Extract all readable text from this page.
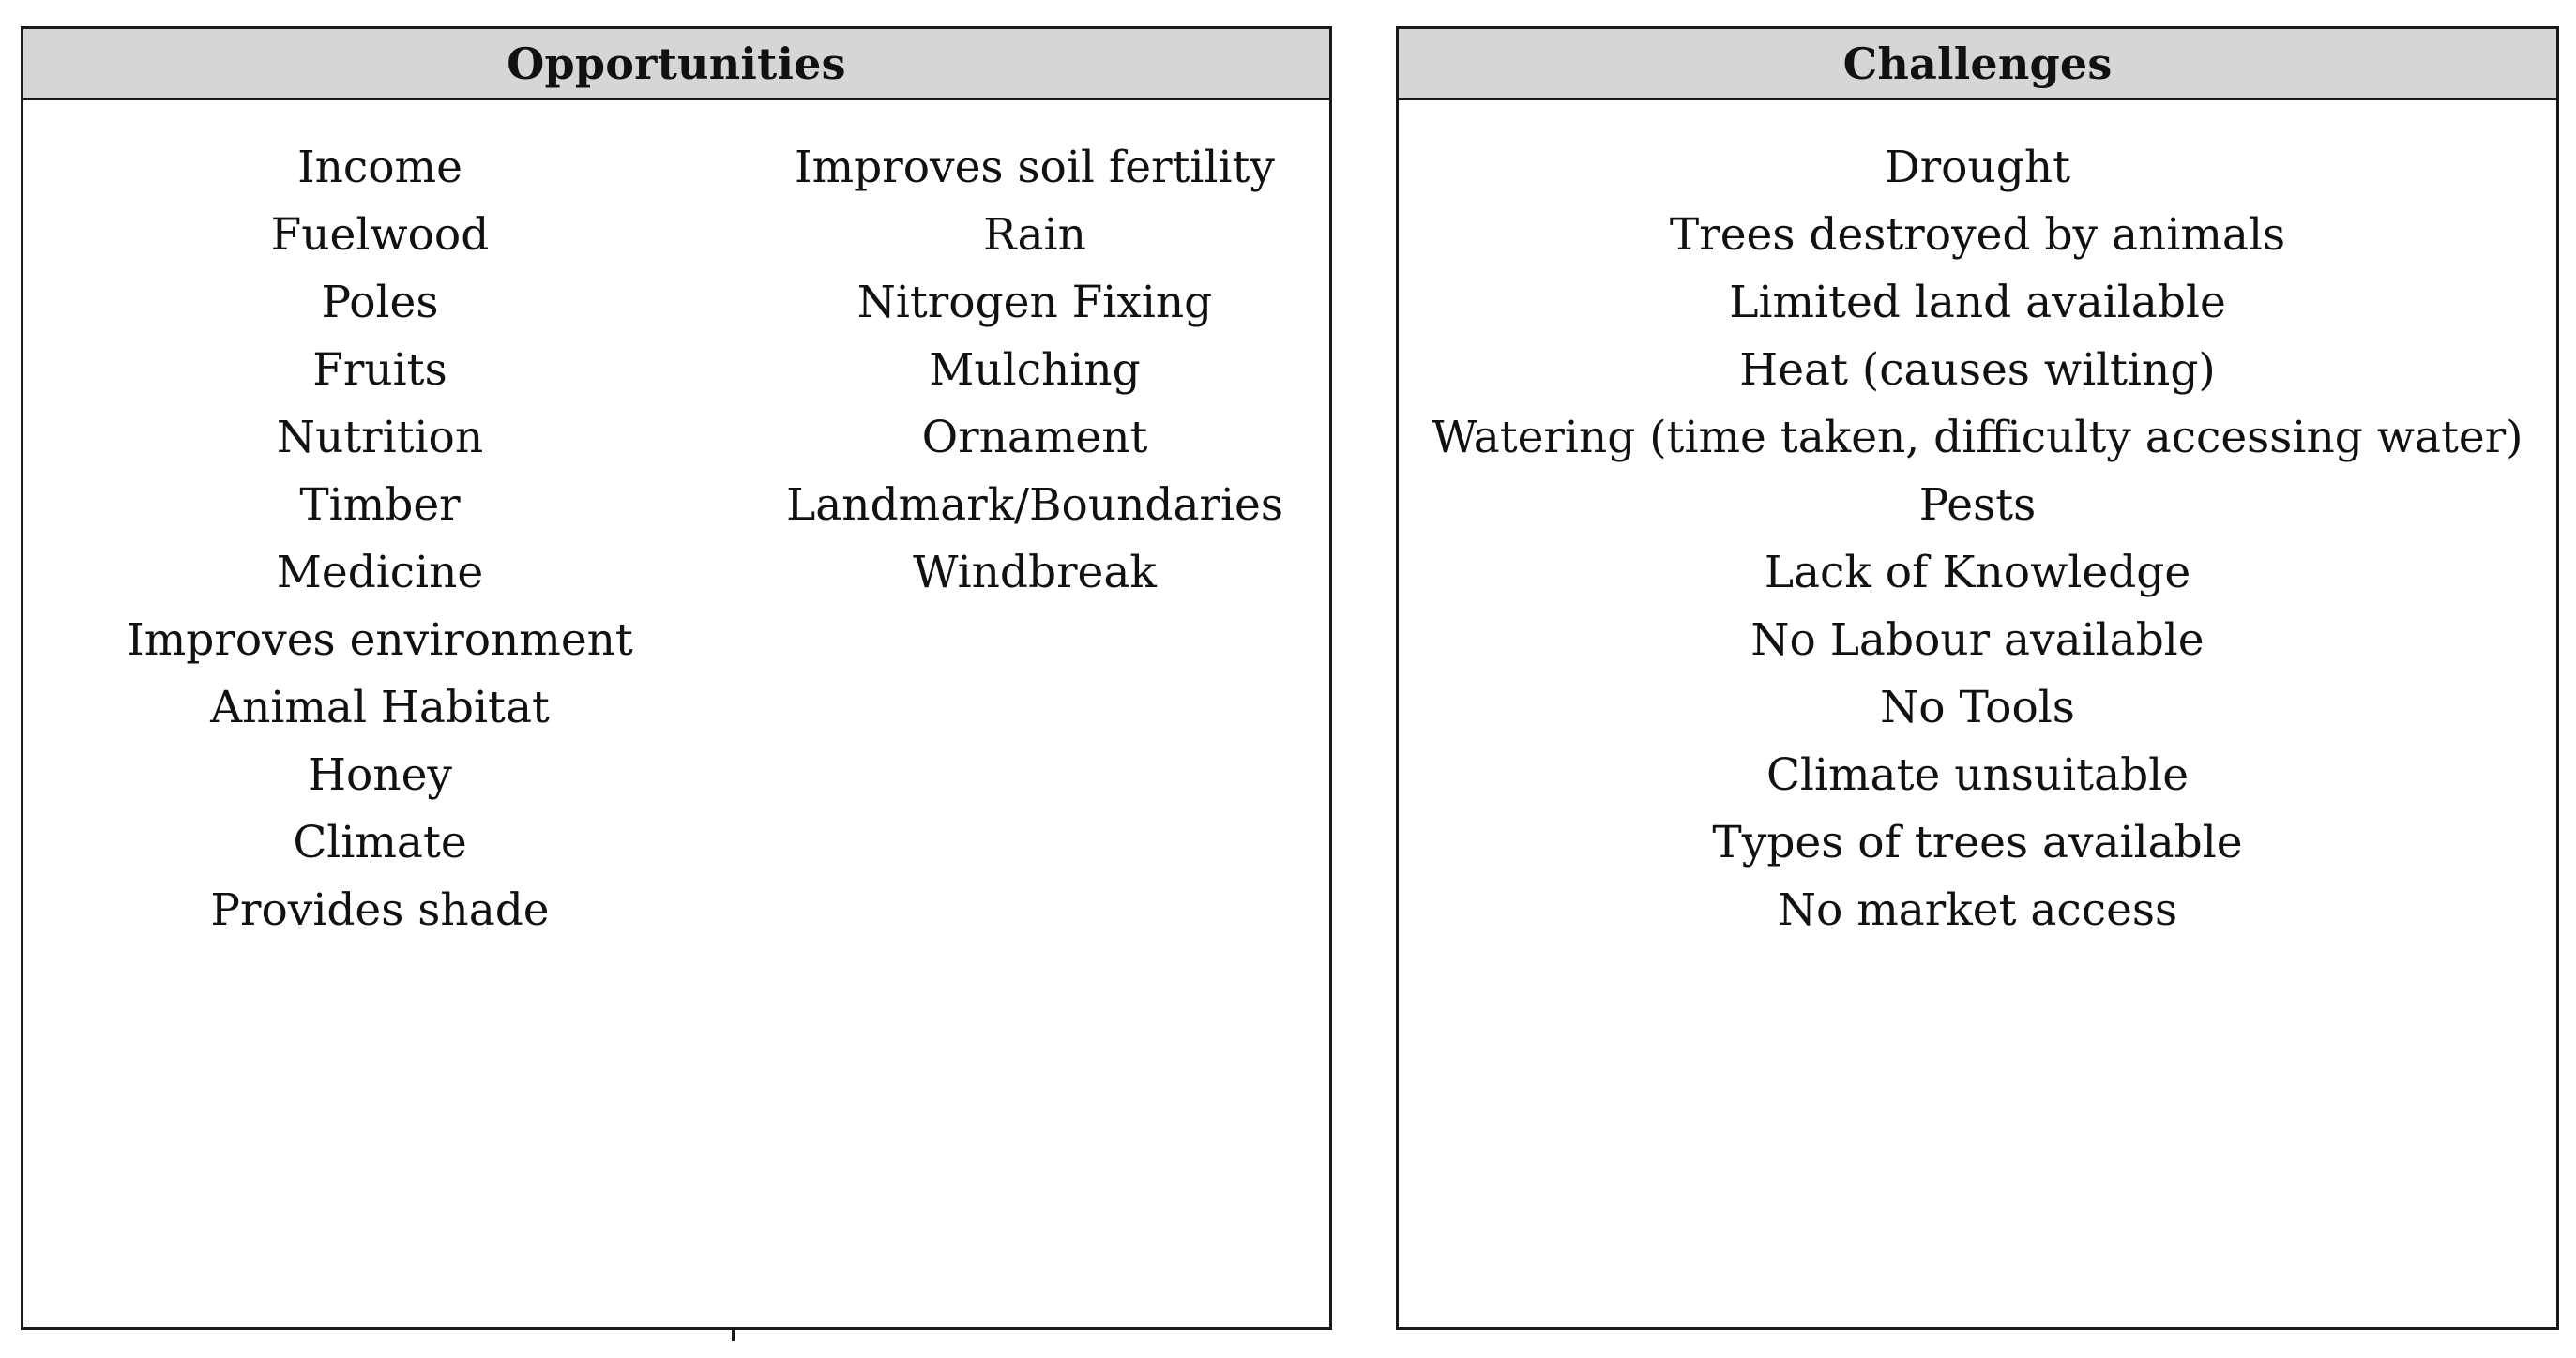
Opportunities
Income
Fuelwood
Poles
Fruits
Nutrition
Timber
Medicine
Improves environment
Animal Habitat
Honey
Climate
Provides shade
Improves soil fertility
Rain
Nitrogen Fixing
Mulching
Ornament
Landmark/Boundaries
Windbreak
Challenges
Drought
Trees destroyed by animals
Limited land available
Heat (causes wilting)
Watering (time taken, difficulty accessing water)
Pests
Lack of Knowledge
No Labour available
No Tools
Climate unsuitable
Types of trees available
No market access
